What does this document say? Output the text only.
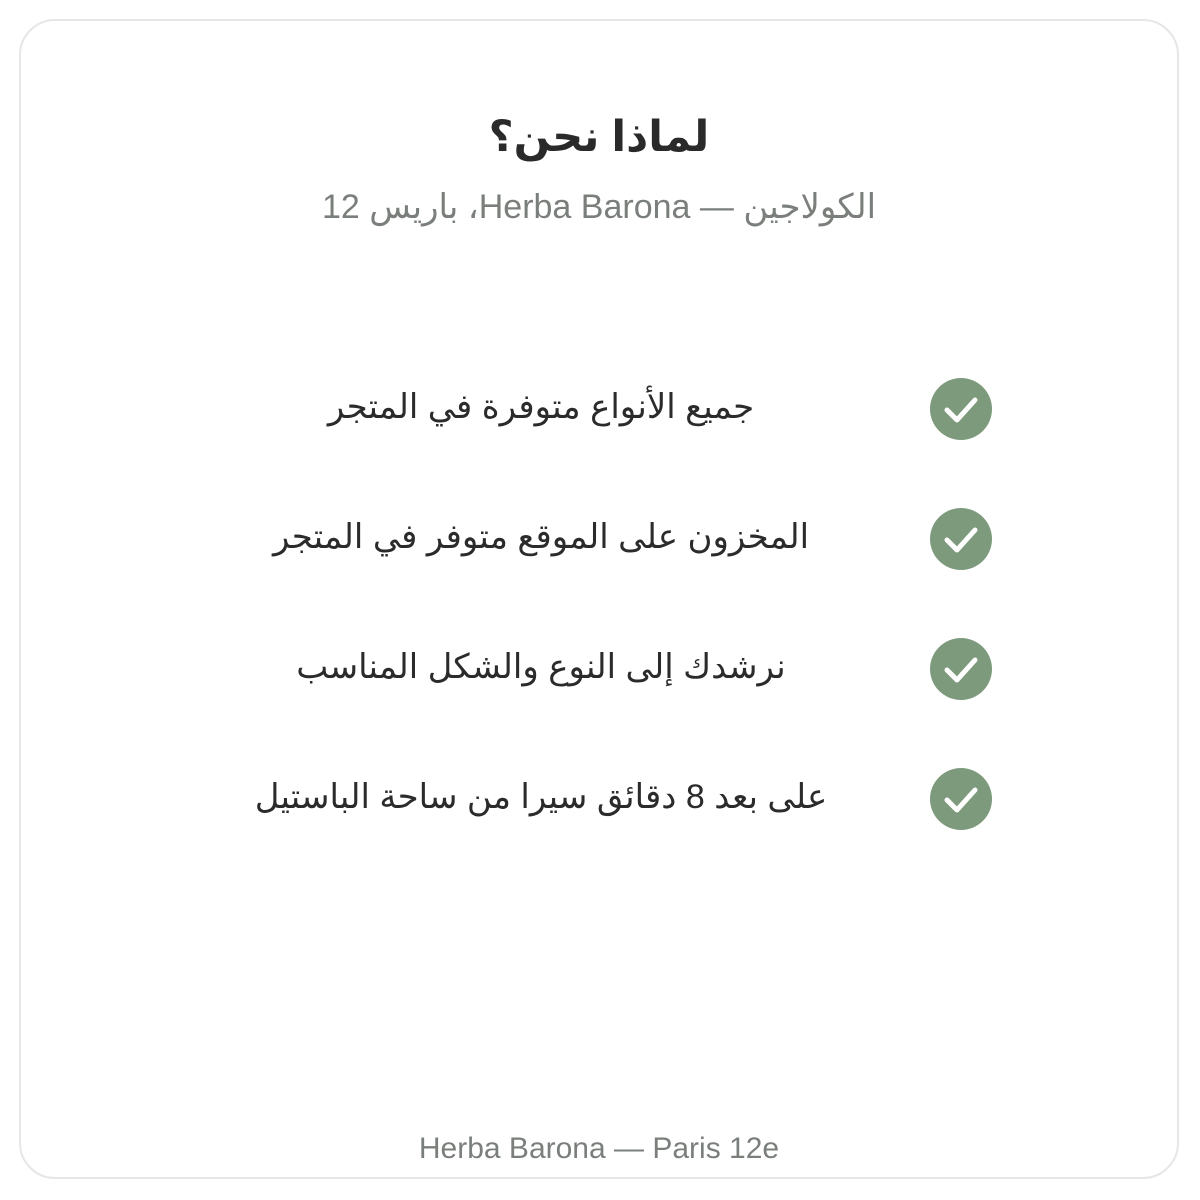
لماذا نحن؟
الكولاجين — Herba Barona، باريس 12
جميع الأنواع متوفرة في المتجر
المخزون على الموقع متوفر في المتجر
نرشدك إلى النوع والشكل المناسب
على بعد 8 دقائق سيرا من ساحة الباستيل
Herba Barona — Paris 12e
